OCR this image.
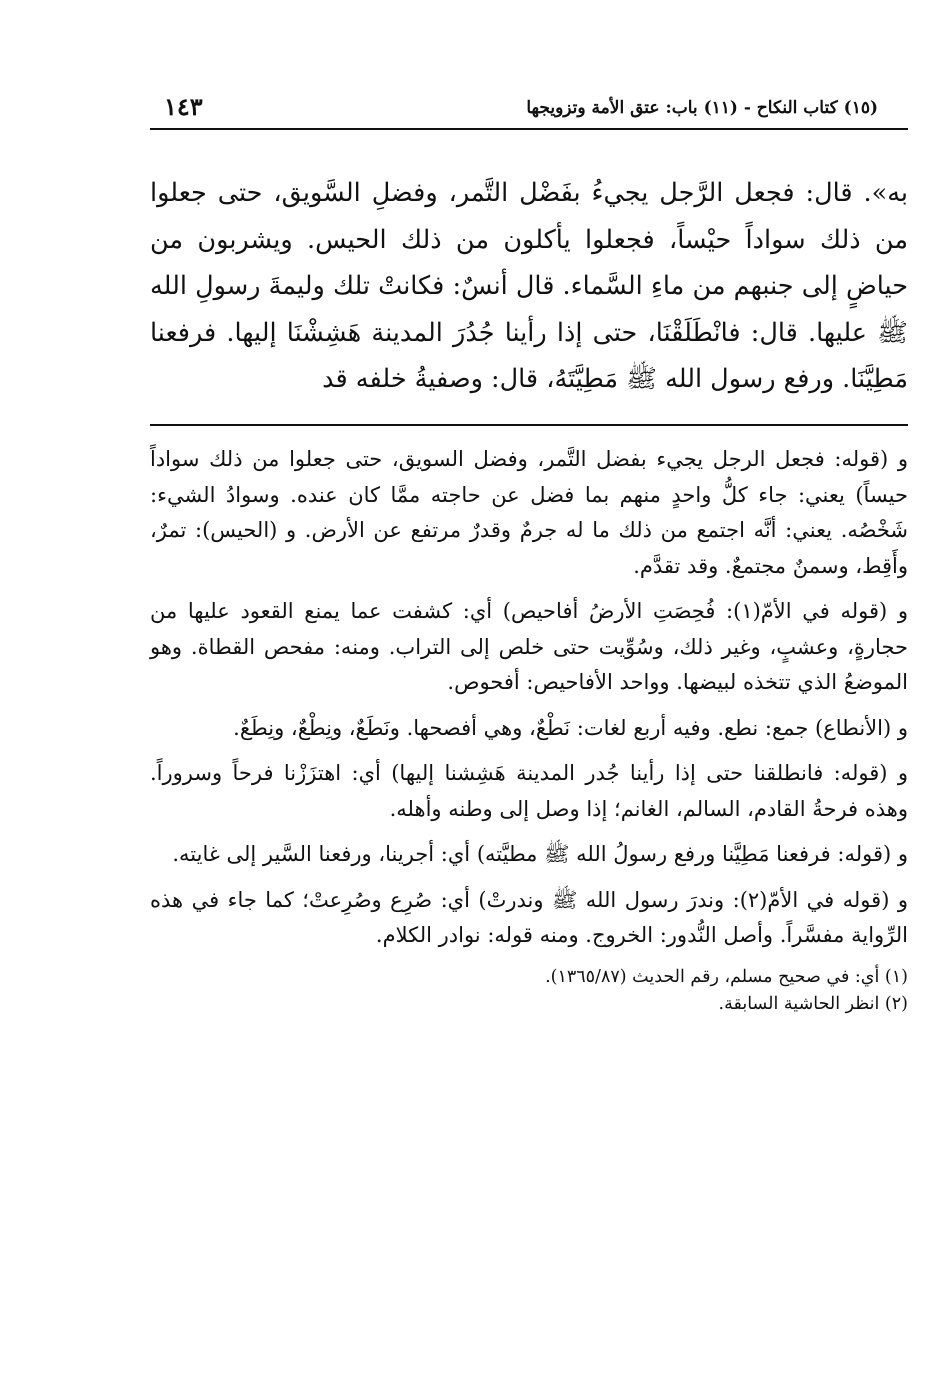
(١٥) كتاب النكاح - (١١) باب: عتق الأمة وتزويجها
١٤٣
به». قال: فجعل الرَّجل يجيءُ بفَضْل التَّمر، وفضلِ السَّويق، حتى جعلوا من ذلك سواداً حيْساً، فجعلوا يأكلون من ذلك الحيس. ويشربون من حياضٍ إلى جنبهم من ماءِ السَّماء. قال أنسٌ: فكانتْ تلك وليمةَ رسولِ الله ﷺ عليها. قال: فانْطَلَقْنَا، حتى إذا رأينا جُدُرَ المدينة هَشِشْنَا إليها. فرفعنا مَطِيَّنَا. ورفع رسول الله ﷺ مَطِيَّتَهُ، قال: وصفيةُ خلفه قد

و (قوله: فجعل الرجل يجيء بفضل التَّمر، وفضل السويق، حتى جعلوا من ذلك سواداً حيساً) يعني: جاء كلُّ واحدٍ منهم بما فضل عن حاجته ممَّا كان عنده. وسوادُ الشيء: شَخْصُه. يعني: أنَّه اجتمع من ذلك ما له جرمٌ وقدرٌ مرتفع عن الأرض. و (الحيس): تمرٌ، وأَقِط، وسمنٌ مجتمعٌ. وقد تقدَّم.

و (قوله في الأمّ(١): فُحِصَتِ الأرضُ أفاحيص) أي: كشفت عما يمنع القعود عليها من حجارةٍ، وعشبٍ، وغير ذلك، وسُوِّيت حتى خلص إلى التراب. ومنه: مفحص القطاة. وهو الموضعُ الذي تتخذه لبيضها. وواحد الأفاحيص: أفحوص.

و (الأنطاع) جمع: نطع. وفيه أربع لغات: نَطْعٌ، وهي أفصحها. ونَطَعٌ، ونِطْعٌ، ونِطَعٌ.

و (قوله: فانطلقنا حتى إذا رأينا جُدر المدينة هَشِشنا إليها) أي: اهتزَزْنا فرحاً وسروراً. وهذه فرحةُ القادم، السالم، الغانم؛ إذا وصل إلى وطنه وأهله.

و (قوله: فرفعنا مَطِيَّنا ورفع رسولُ الله ﷺ مطيَّته) أي: أجرينا، ورفعنا السَّير إلى غايته.

و (قوله في الأمّ(٢): وندرَ رسول الله ﷺ وندرتْ) أي: صُرِع وصُرِعتْ؛ كما جاء في هذه الرِّواية مفسَّراً. وأصل النُّدور: الخروج. ومنه قوله: نوادر الكلام.

(١) أي: في صحيح مسلم، رقم الحديث (١٣٦٥/٨٧).

(٢) انظر الحاشية السابقة.
